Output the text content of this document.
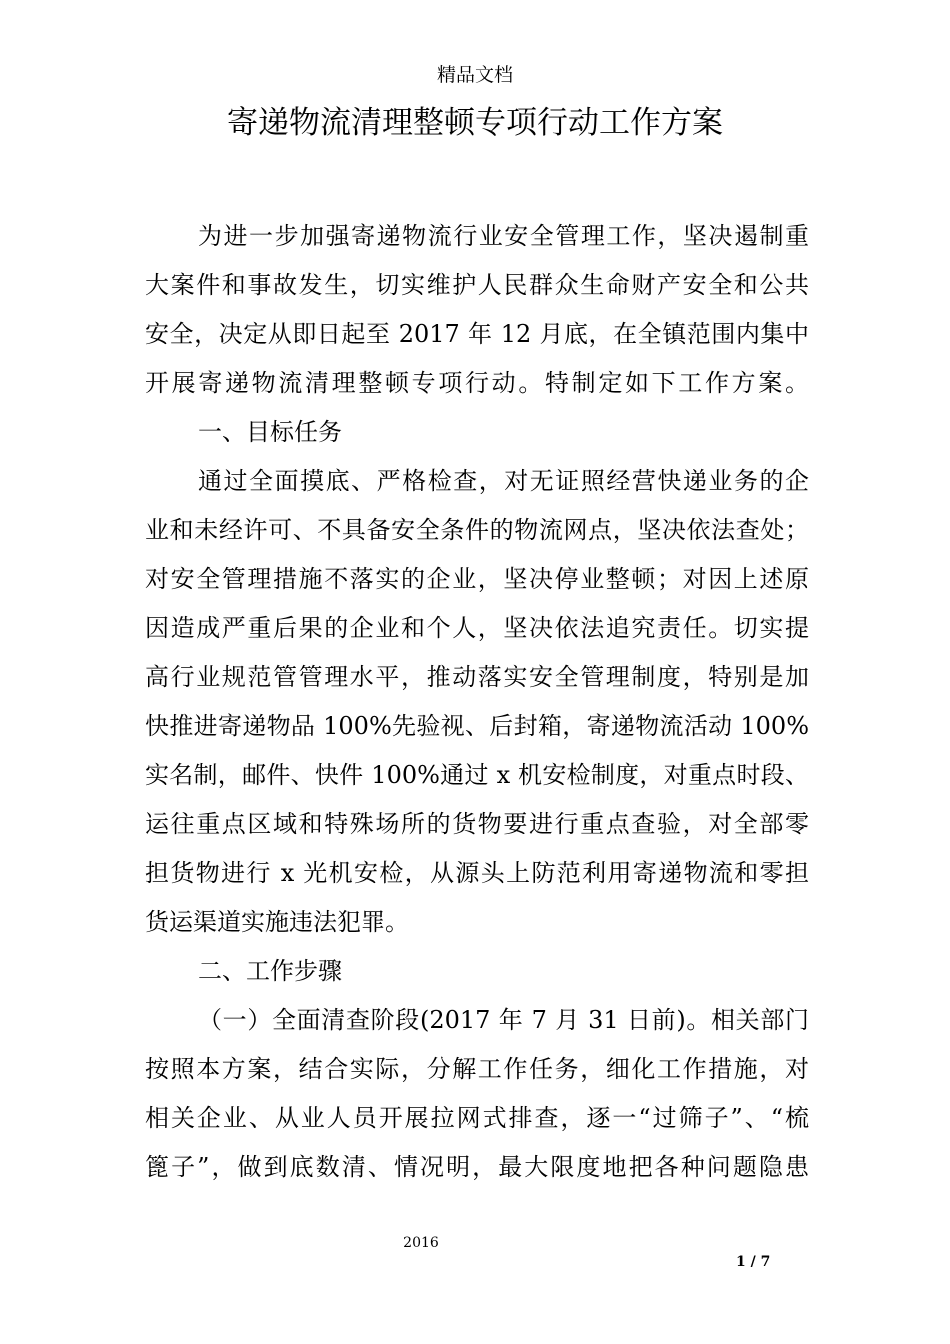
精品文档
寄递物流清理整顿专项行动工作方案
为进一步加强寄递物流行业安全管理工作，坚决遏制重
大案件和事故发生，切实维护人民群众生命财产安全和公共
安全，决定从即日起至 2017 年 12 月底，在全镇范围内集中
开展寄递物流清理整顿专项行动。特制定如下工作方案。
一、目标任务
通过全面摸底、严格检查，对无证照经营快递业务的企
业和未经许可、不具备安全条件的物流网点，坚决依法查处；
对安全管理措施不落实的企业，坚决停业整顿；对因上述原
因造成严重后果的企业和个人，坚决依法追究责任。切实提
高行业规范管管理水平，推动落实安全管理制度，特别是加
快推进寄递物品 100%先验视、后封箱，寄递物流活动 100%
实名制，邮件、快件 100%通过 x 机安检制度，对重点时段、
运往重点区域和特殊场所的货物要进行重点查验，对全部零
担货物进行 x 光机安检，从源头上防范利用寄递物流和零担
货运渠道实施违法犯罪。
二、工作步骤
（一）全面清查阶段(2017 年 7 月 31 日前)。相关部门
按照本方案，结合实际，分解工作任务，细化工作措施，对
相关企业、从业人员开展拉网式排查，逐一“过筛子”、“梳
篦子”，做到底数清、情况明，最大限度地把各种问题隐患
2016
1 / 7
